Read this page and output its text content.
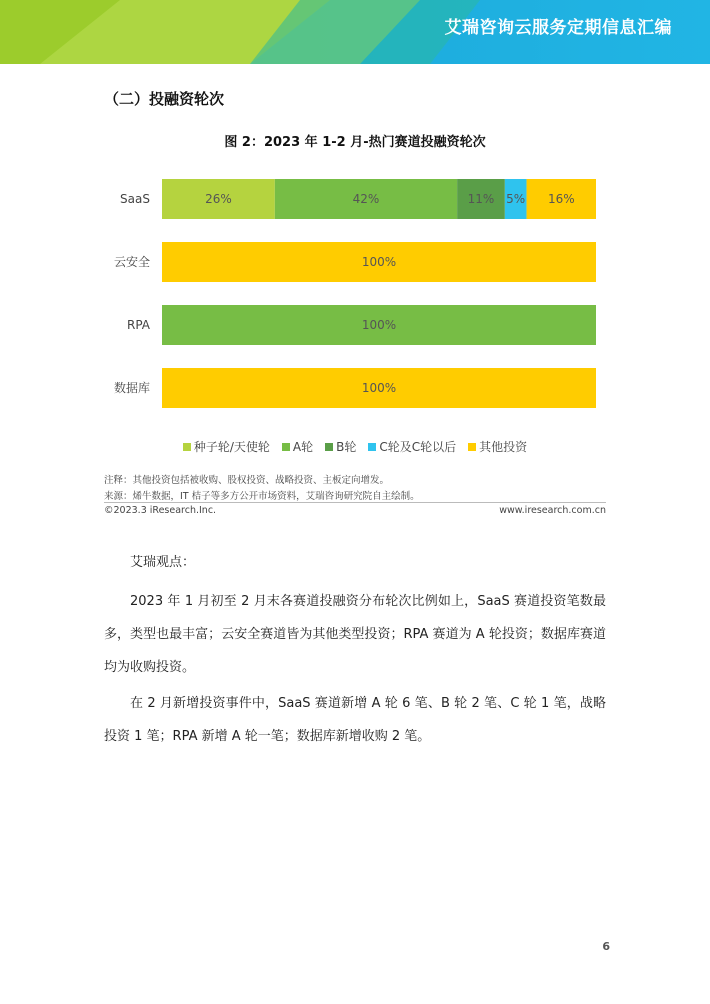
艾瑞咨询云服务定期信息汇编
（二）投融资轮次
图 2：2023 年 1-2 月-热门赛道投融资轮次
SaaS	26%	42%	11% 5% 16%
云安全	100%
RPA	100%
数据库	100%
种子轮/天使轮 A轮 B轮 C轮及C轮以后 其他投资
注释：其他投资包括被收购、股权投资、战略投资、主板定向增发。
来源：烯牛数据，IT 桔子等多方公开市场资料，艾瑞咨询研究院自主绘制。
©2023.3 iResearch.Inc.	www.iresearch.com.cn

艾瑞观点：

2023 年 1 月初至 2 月末各赛道投融资分布轮次比例如上，SaaS 赛道投资笔数最多，类型也最丰富；云安全赛道皆为其他类型投资；RPA 赛道为 A 轮投资；数据库赛道均为收购投资。

在 2 月新增投资事件中，SaaS 赛道新增 A 轮 6 笔、B 轮 2 笔、C 轮 1 笔，战略投资 1 笔；RPA 新增 A 轮一笔；数据库新增收购 2 笔。

6
